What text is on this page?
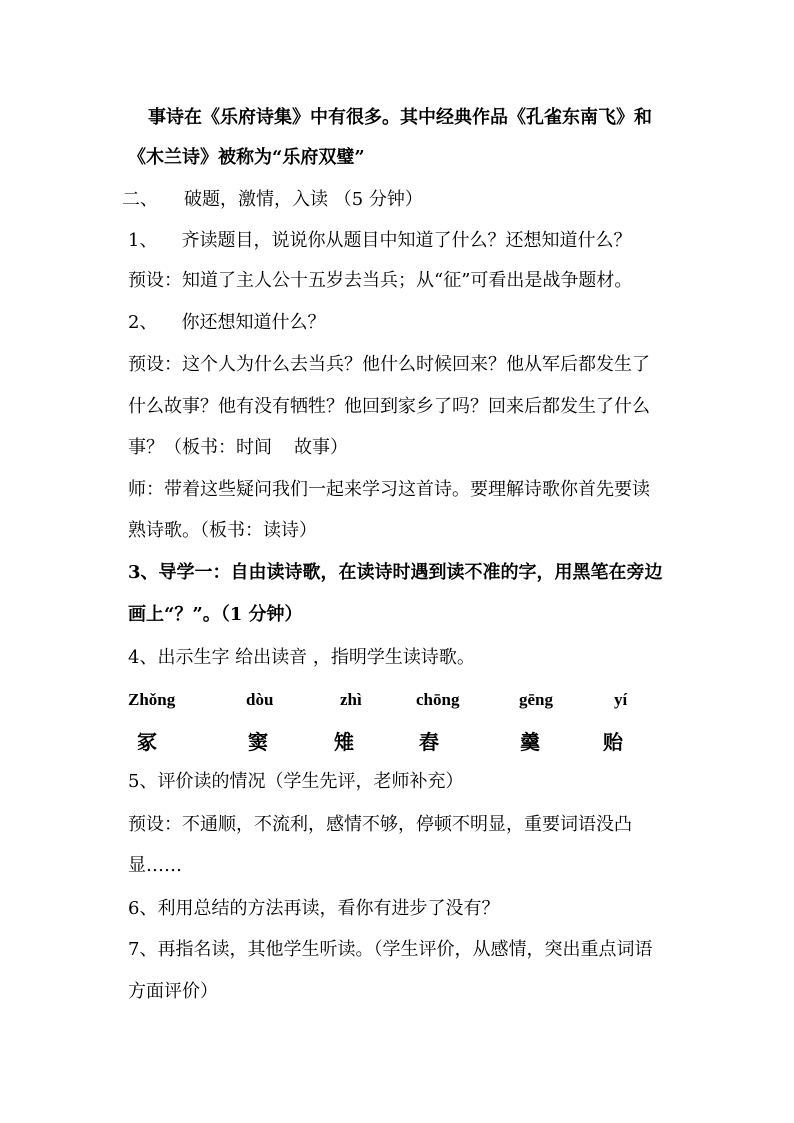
事诗在《乐府诗集》中有很多。其中经典作品《孔雀东南飞》和

《木兰诗》被称为“乐府双璧”

二、 破题，激情，入读 （5 分钟）

1、 齐读题目，说说你从题目中知道了什么？还想知道什么？

预设：知道了主人公十五岁去当兵；从“征”可看出是战争题材。

2、 你还想知道什么？

预设：这个人为什么去当兵？他什么时候回来？他从军后都发生了

什么故事？他有没有牺牲？他回到家乡了吗？回来后都发生了什么

事？（板书：时间 故事）

师：带着这些疑问我们一起来学习这首诗。要理解诗歌你首先要读

熟诗歌。（板书：读诗）

3、导学一：自由读诗歌，在读诗时遇到读不准的字，用黑笔在旁边

画上“？”。（1 分钟）

4、出示生字 给出读音 ，指明学生读诗歌。

Zhǒng	dòu	zhì	chōng	gēng	yí
冢	窦	雉	舂	羹	贻

5、评价读的情况（学生先评，老师补充）

预设：不通顺，不流利，感情不够，停顿不明显，重要词语没凸

显……

6、利用总结的方法再读，看你有进步了没有？

7、再指名读，其他学生听读。（学生评价，从感情，突出重点词语

方面评价）
